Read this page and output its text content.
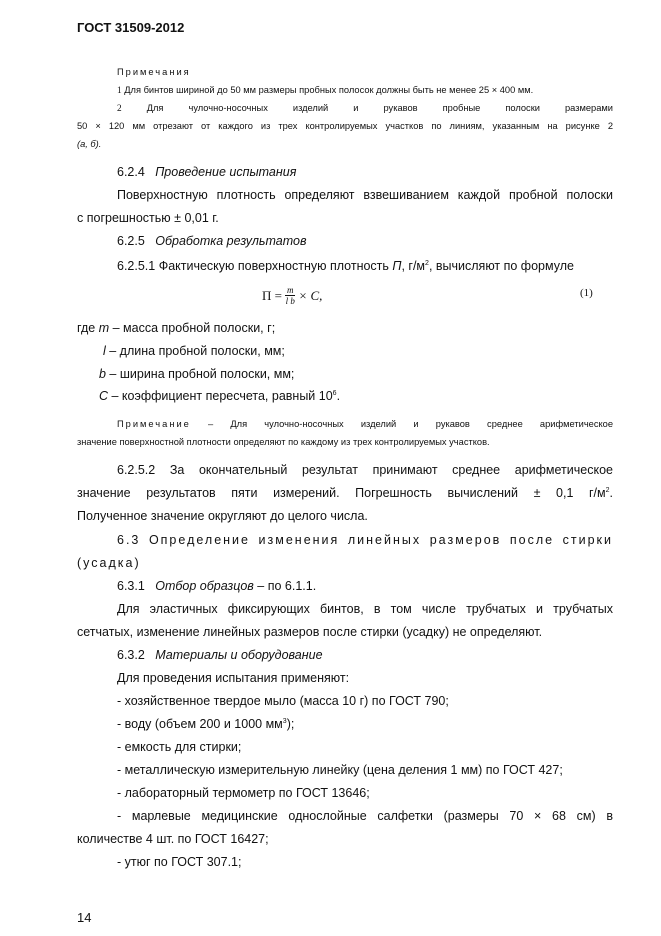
ГОСТ 31509-2012
Примечания
1 Для бинтов шириной до 50 мм размеры пробных полосок должны быть не менее 25 × 400 мм.
2 Для чулочно-носочных изделий и рукавов пробные полоски размерами
50 × 120 мм отрезают от каждого из трех контролируемых участков по линиям, указанным на рисунке 2
(а, б).
6.2.4 Проведение испытания
Поверхностную плотность определяют взвешиванием каждой пробной полоски
с погрешностью ± 0,01 г.
6.2.5 Обработка результатов
6.2.5.1 Фактическую поверхностную плотность П, $г/м^2$, вычисляют по формуле
$П = \frac{m}{\text{l b}} \times C$,	(1)
где m – масса пробной полоски, г;
l – длина пробной полоски, мм;
b – ширина пробной полоски, мм;
C – коэффициент пересчета, равный $10^6$.
Примечание – Для чулочно-носочных изделий и рукавов среднее арифметическое
значение поверхностной плотности определяют по каждому из трех контролируемых участков.
6.2.5.2 За окончательный результат принимают среднее арифметическое
значение результатов пяти измерений. Погрешность вычислений ± 0,1 $г/м^2$.
Полученное значение округляют до целого числа.
6.3 Определение изменения линейных размеров после стирки
(усадка)
6.3.1 Отбор образцов – по 6.1.1.
Для эластичных фиксирующих бинтов, в том числе трубчатых и трубчатых
сетчатых, изменение линейных размеров после стирки (усадку) не определяют.
6.3.2 Материалы и оборудование
Для проведения испытания применяют:
- хозяйственное твердое мыло (масса 10 г) по ГОСТ 790;
- воду (объем 200 и 1000 $мм^3$);
- емкость для стирки;
- металлическую измерительную линейку (цена деления 1 мм) по ГОСТ 427;
- лабораторный термометр по ГОСТ 13646;
- марлевые медицинские однослойные салфетки (размеры 70 × 68 см) в
количестве 4 шт. по ГОСТ 16427;
- утюг по ГОСТ 307.1;
14
